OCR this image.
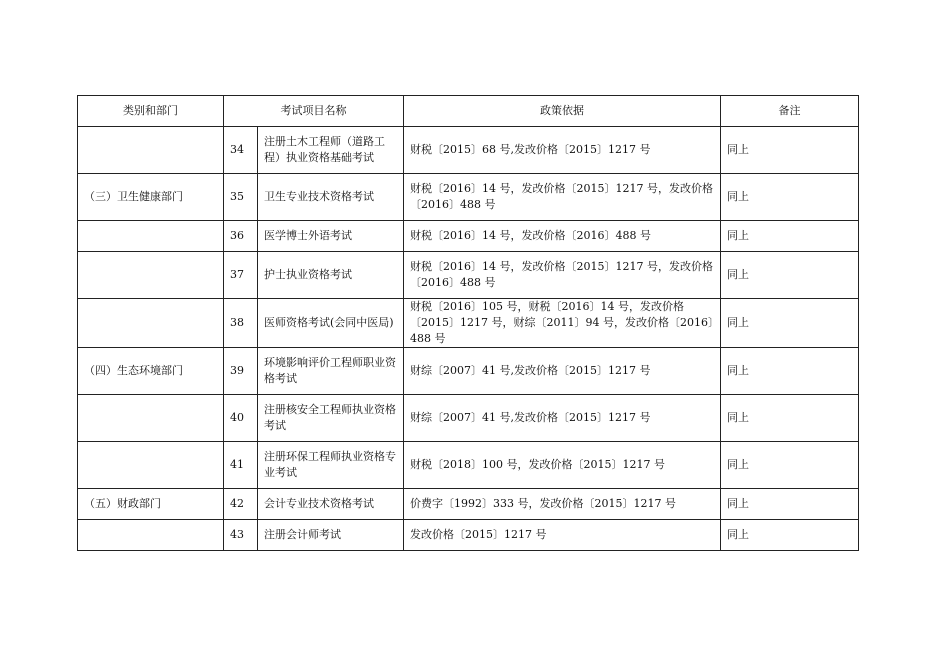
类别和部门	考试项目名称		政策依据	备注
	34	注册土木工程师（道路工程）执业资格基础考试	财税〔2015〕68 号,发改价格〔2015〕1217 号	同上
（三）卫生健康部门	35	卫生专业技术资格考试	财税〔2016〕14 号，发改价格〔2015〕1217 号，发改价格〔2016〕488 号	同上
	36	医学博士外语考试	财税〔2016〕14 号，发改价格〔2016〕488 号	同上
	37	护士执业资格考试	财税〔2016〕14 号，发改价格〔2015〕1217 号，发改价格〔2016〕488 号	同上
	38	医师资格考试(会同中医局)	财税〔2016〕105 号，财税〔2016〕14 号，发改价格〔2015〕1217 号，财综〔2011〕94 号，发改价格〔2016〕488 号	同上
（四）生态环境部门	39	环境影响评价工程师职业资格考试	财综〔2007〕41 号,发改价格〔2015〕1217 号	同上
	40	注册核安全工程师执业资格考试	财综〔2007〕41 号,发改价格〔2015〕1217 号	同上
	41	注册环保工程师执业资格专业考试	财税〔2018〕100 号，发改价格〔2015〕1217 号	同上
（五）财政部门	42	会计专业技术资格考试	价费字〔1992〕333 号，发改价格〔2015〕1217 号	同上
	43	注册会计师考试	发改价格〔2015〕1217 号	同上
